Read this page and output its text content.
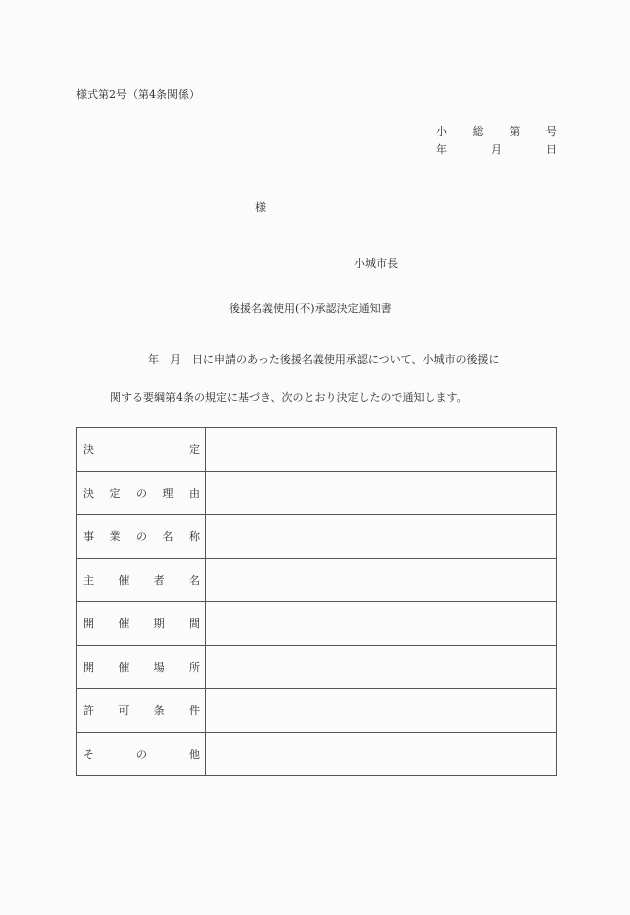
様式第2号（第4条関係）
小 総 第 号
年	月	日
様
小城市長
後援名義使用(不)承認決定通知書
年　月　日に申請のあった後援名義使用承認について、小城市の後援に
関する要綱第4条の規定に基づき、次のとおり決定したので通知します。
決 定	

決 定 の 理 由	

事 業 の 名 称	

主 催 者 名	

開 催 期 間	

開 催 場 所	

許 可 条 件	

そ の 他	
